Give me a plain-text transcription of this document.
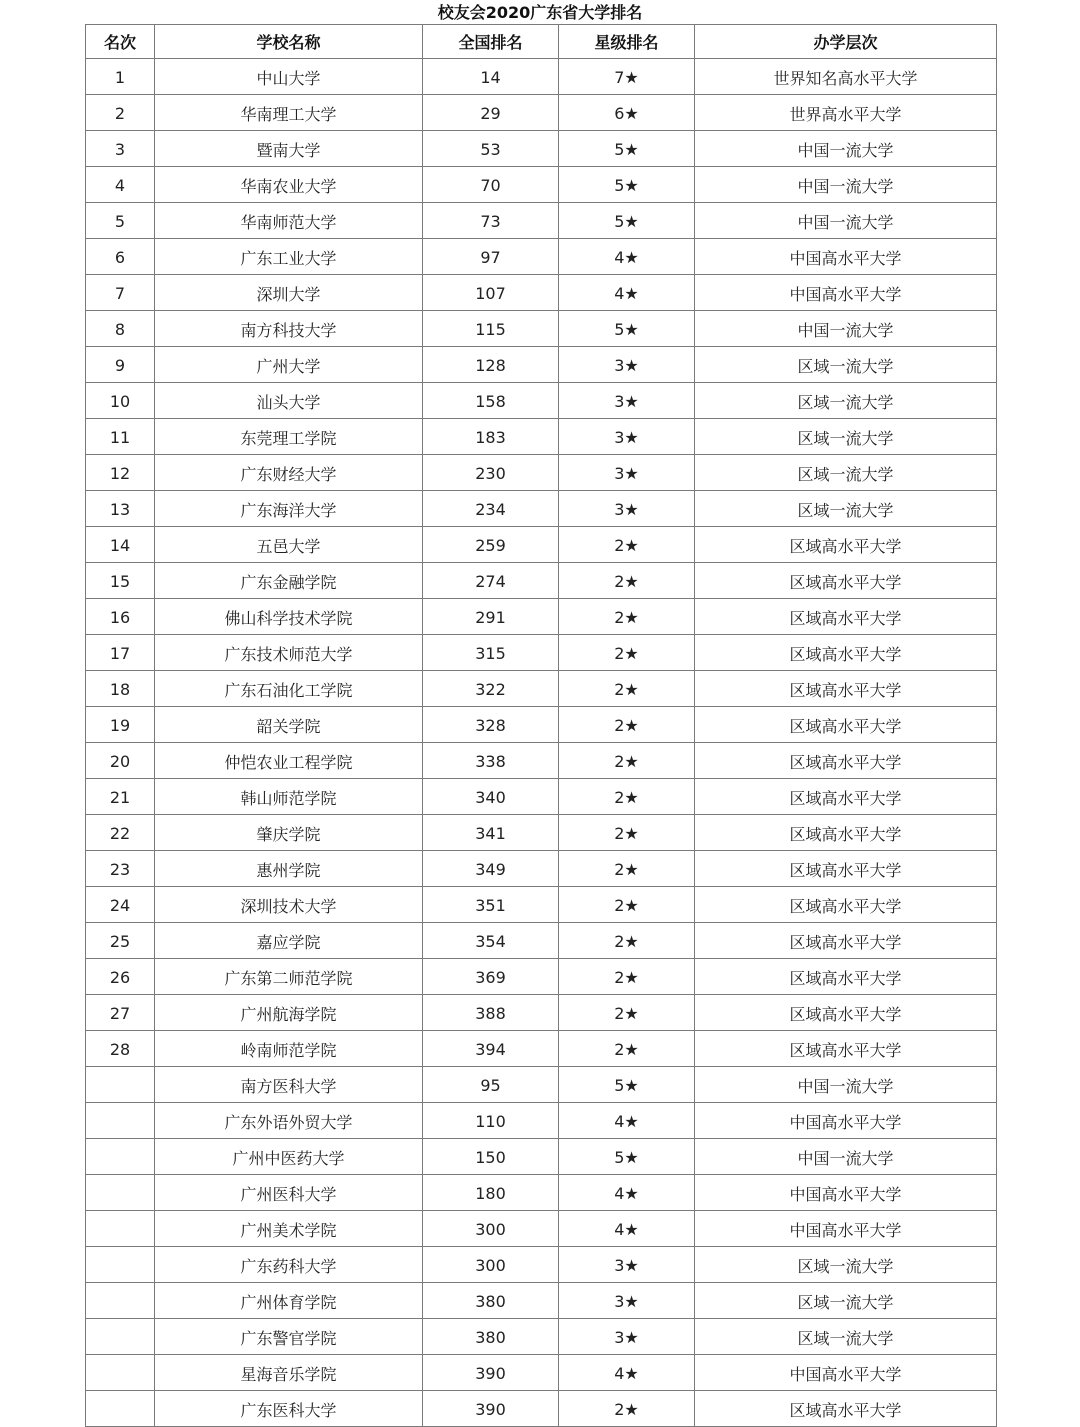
校友会2020广东省大学排名
名次	学校名称	全国排名	星级排名	办学层次
1	中山大学	14	7★	世界知名高水平大学
2	华南理工大学	29	6★	世界高水平大学
3	暨南大学	53	5★	中国一流大学
4	华南农业大学	70	5★	中国一流大学
5	华南师范大学	73	5★	中国一流大学
6	广东工业大学	97	4★	中国高水平大学
7	深圳大学	107	4★	中国高水平大学
8	南方科技大学	115	5★	中国一流大学
9	广州大学	128	3★	区域一流大学
10	汕头大学	158	3★	区域一流大学
11	东莞理工学院	183	3★	区域一流大学
12	广东财经大学	230	3★	区域一流大学
13	广东海洋大学	234	3★	区域一流大学
14	五邑大学	259	2★	区域高水平大学
15	广东金融学院	274	2★	区域高水平大学
16	佛山科学技术学院	291	2★	区域高水平大学
17	广东技术师范大学	315	2★	区域高水平大学
18	广东石油化工学院	322	2★	区域高水平大学
19	韶关学院	328	2★	区域高水平大学
20	仲恺农业工程学院	338	2★	区域高水平大学
21	韩山师范学院	340	2★	区域高水平大学
22	肇庆学院	341	2★	区域高水平大学
23	惠州学院	349	2★	区域高水平大学
24	深圳技术大学	351	2★	区域高水平大学
25	嘉应学院	354	2★	区域高水平大学
26	广东第二师范学院	369	2★	区域高水平大学
27	广州航海学院	388	2★	区域高水平大学
28	岭南师范学院	394	2★	区域高水平大学
	南方医科大学	95	5★	中国一流大学
	广东外语外贸大学	110	4★	中国高水平大学
	广州中医药大学	150	5★	中国一流大学
	广州医科大学	180	4★	中国高水平大学
	广州美术学院	300	4★	中国高水平大学
	广东药科大学	300	3★	区域一流大学
	广州体育学院	380	3★	区域一流大学
	广东警官学院	380	3★	区域一流大学
	星海音乐学院	390	4★	中国高水平大学
	广东医科大学	390	2★	区域高水平大学
